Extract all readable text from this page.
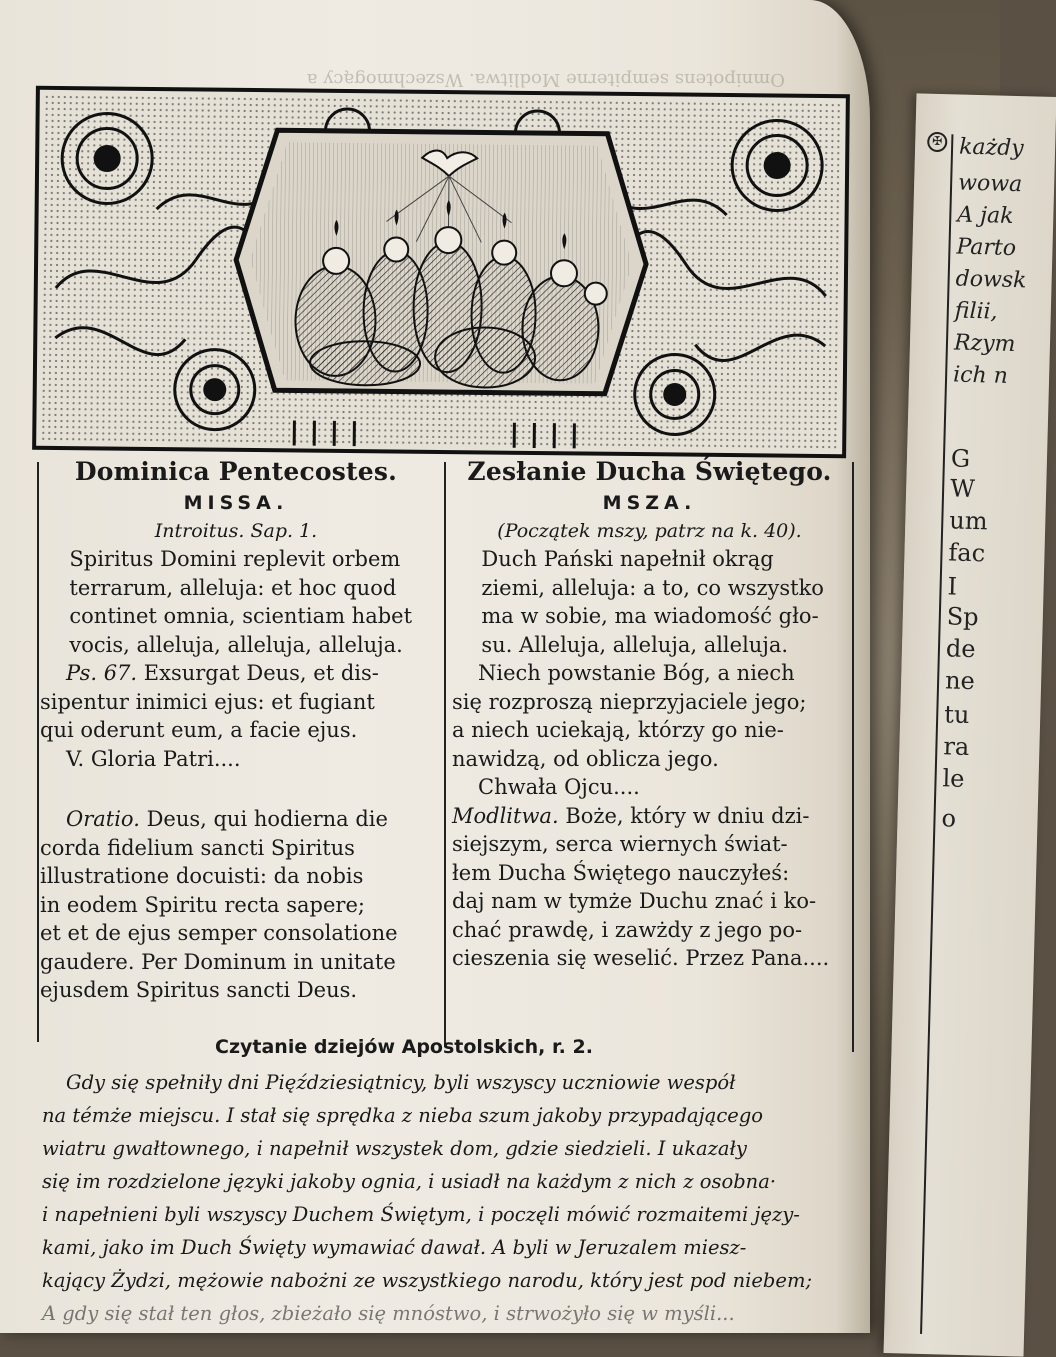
✠ każdy
wowa
A jak
Parto
dowsk
filii,
Rzym
ich n
G
W
um
fac
I
Sp
de
ne
tu
ra
le
o
Omnipotens sempiterne Modlitwa. Wszechmogący a

Dominica Pentecostes.

MISSA.

Introitus. Sap. 1.

Spiritus Domini replevit orbem
terrarum, alleluja: et hoc quod
continet omnia, scientiam habet
vocis, alleluja, alleluja, alleluja.

Ps. 67. Exsurgat Deus, et dis-

sipentur inimici ejus: et fugiant
qui oderunt eum, a facie ejus.
V. Gloria Patri....

Oratio. Deus, qui hodierna die

corda fidelium sancti Spiritus
illustratione docuisti: da nobis
in eodem Spiritu recta sapere;
et et de ejus semper consolatione
gaudere. Per Dominum in unitate
ejusdem Spiritus sancti Deus.

Zesłanie Ducha Świętego.

MSZA.

(Początek mszy, patrz na k. 40).

Duch Pański napełnił okrąg
ziemi, alleluja: a to, co wszystko
ma w sobie, ma wiadomość gło-
su. Alleluja, alleluja, alleluja.

Niech powstanie Bóg, a niech
się rozproszą nieprzyjaciele jego;
a niech uciekają, którzy go nie-
nawidzą, od oblicza jego.
Chwała Ojcu....

Modlitwa. Boże, który w dniu dzi-
siejszym, serca wiernych świat-
łem Ducha Świętego nauczyłeś:
daj nam w tymże Duchu znać i ko-
chać prawdę, i zawżdy z jego po-
cieszenia się weselić. Przez Pana....

Czytanie dziejów Apostolskich, r. 2.
Gdy się spełniły dni Pięździesiątnicy, byli wszyscy uczniowie wespół
na témże miejscu. I stał się sprędka z nieba szum jakoby przypadającego
wiatru gwałtownego, i napełnił wszystek dom, gdzie siedzieli. I ukazały
się im rozdzielone języki jakoby ognia, i usiadł na każdym z nich z osobna·
i napełnieni byli wszyscy Duchem Świętym, i poczęli mówić rozmaitemi języ-
kami, jako im Duch Święty wymawiać dawał. A byli w Jeruzalem miesz-
kający Żydzi, mężowie nabożni ze wszystkiego narodu, który jest pod niebem;
A gdy się stał ten głos, zbieżało się mnóstwo, i strwożyło się w myśli...
